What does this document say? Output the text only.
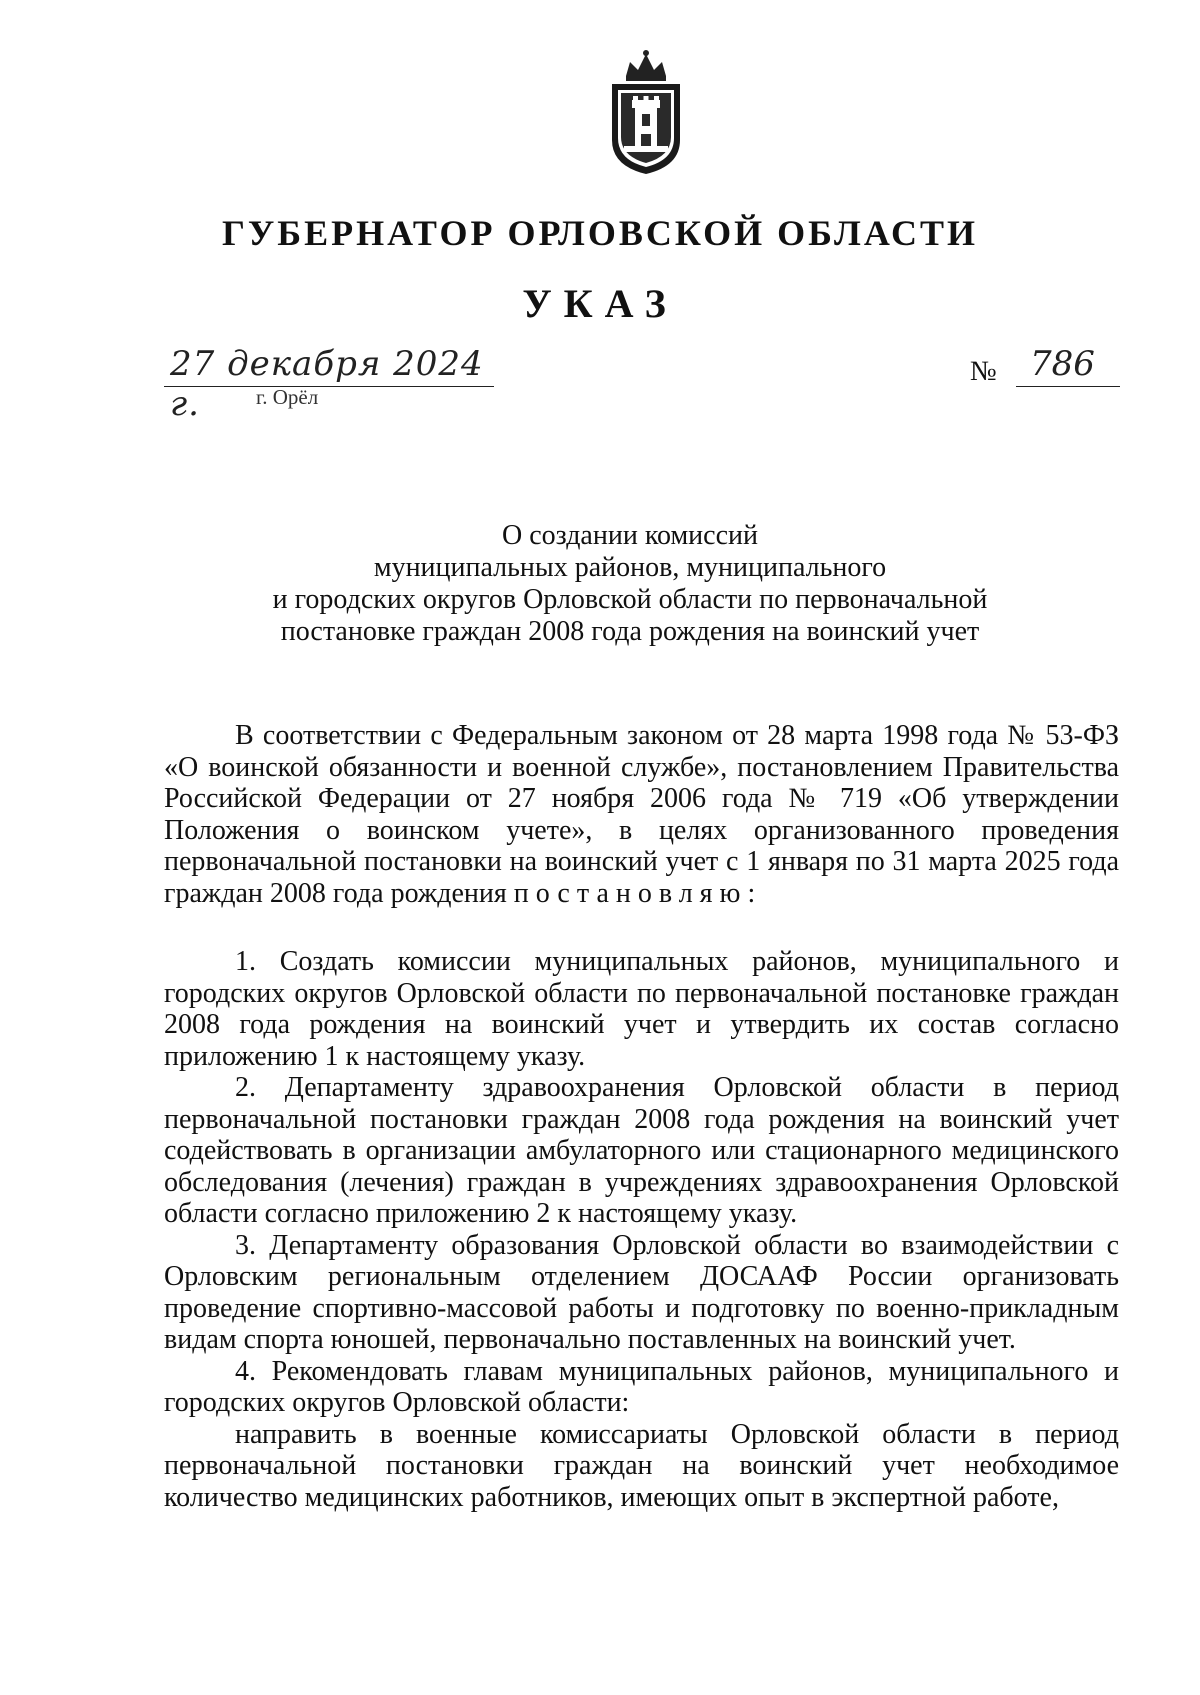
ГУБЕРНАТОР ОРЛОВСКОЙ ОБЛАСТИ
УКАЗ
27 декабря 2024 г.	г. Орёл
№ 786
О создании комиссий
муниципальных районов, муниципального
и городских округов Орловской области по первоначальной
постановке граждан 2008 года рождения на воинский учет

В соответствии с Федеральным законом от 28 марта 1998 года № 53-ФЗ «О воинской обязанности и военной службе», постановлением Правительства Российской Федерации от 27 ноября 2006 года № 719 «Об утверждении Положения о воинском учете», в целях организованного проведения первоначальной постановки на воинский учет с 1 января по 31 марта 2025 года граждан 2008 года рождения постановляю:

1. Создать комиссии муниципальных районов, муниципального и городских округов Орловской области по первоначальной постановке граждан 2008 года рождения на воинский учет и утвердить их состав согласно приложению 1 к настоящему указу.

2. Департаменту здравоохранения Орловской области в период первоначальной постановки граждан 2008 года рождения на воинский учет содействовать в организации амбулаторного или стационарного медицинского обследования (лечения) граждан в учреждениях здравоохранения Орловской области согласно приложению 2 к настоящему указу.

3. Департаменту образования Орловской области во взаимодействии с Орловским региональным отделением ДОСААФ России организовать проведение спортивно-массовой работы и подготовку по военно-прикладным видам спорта юношей, первоначально поставленных на воинский учет.

4. Рекомендовать главам муниципальных районов, муниципального и городских округов Орловской области:

направить в военные комиссариаты Орловской области в период первоначальной постановки граждан на воинский учет необходимое количество медицинских работников, имеющих опыт в экспертной работе,
